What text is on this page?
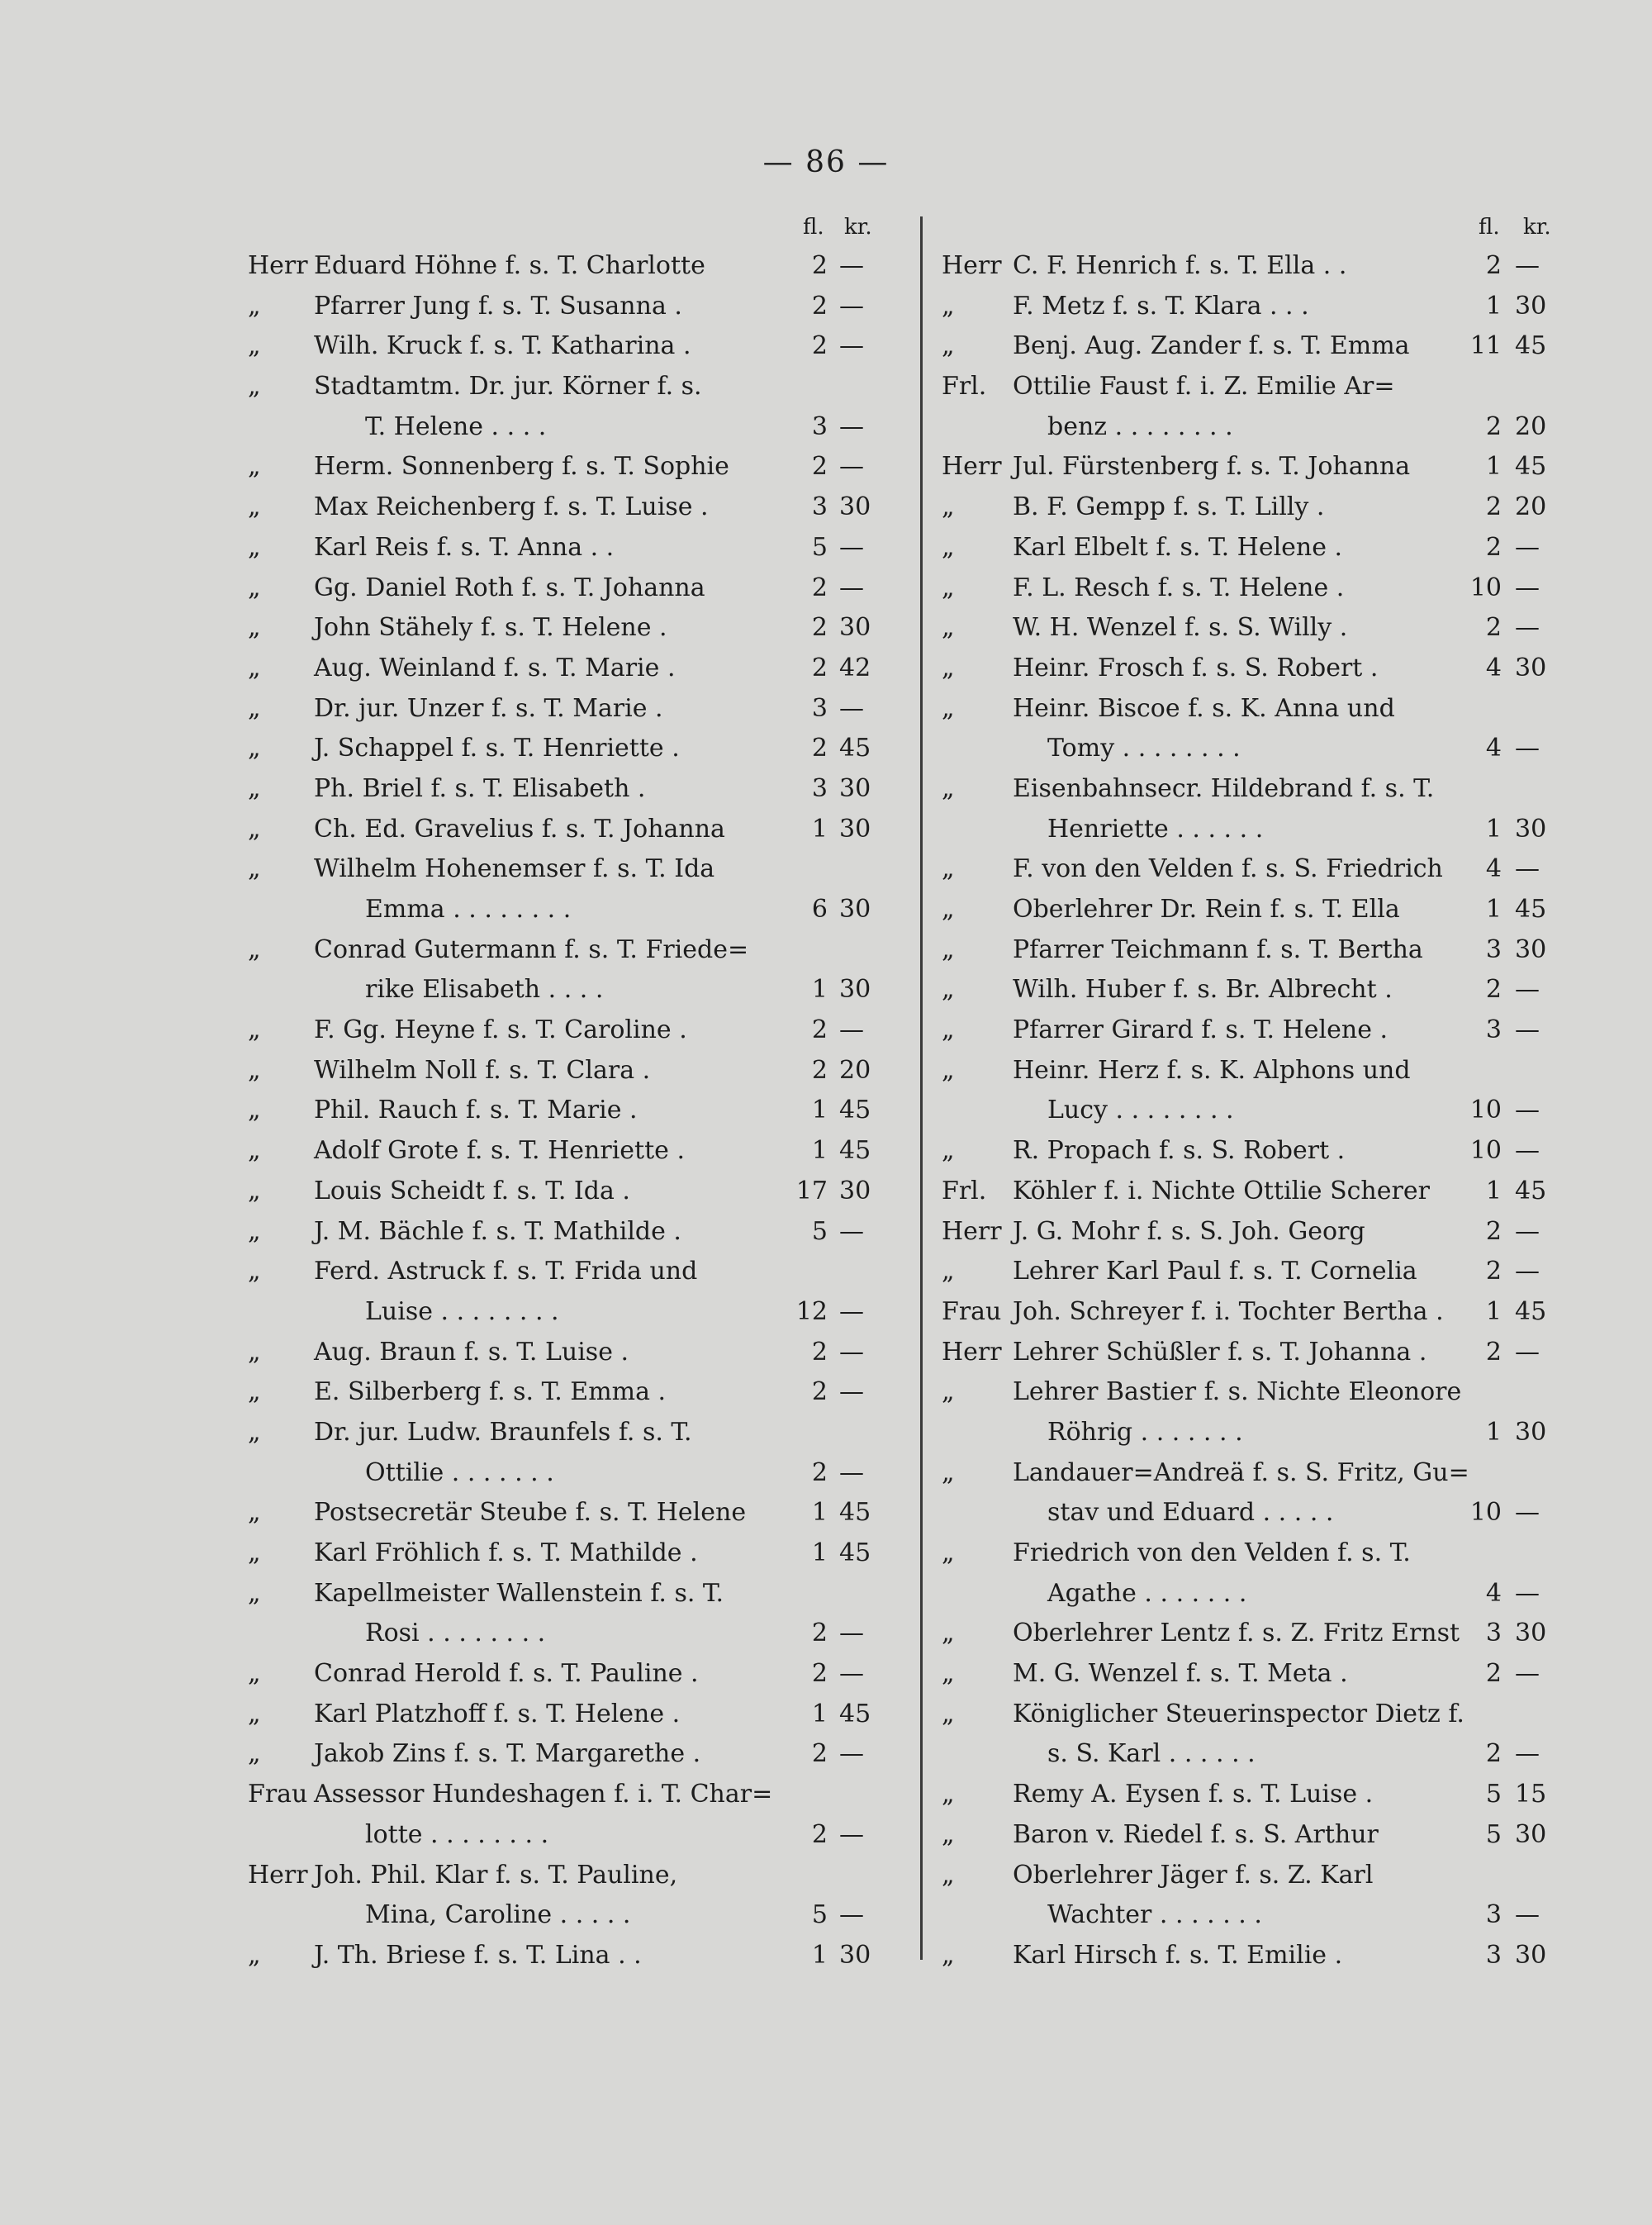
— 86 —
fl. kr.
Herr Eduard Höhne f. s. T. Charlotte	2 —
„ Pfarrer Jung f. s. T. Susanna .	2 —
„ Wilh. Kruck f. s. T. Katharina .	2 —
„ Stadtamtm. Dr. jur. Körner f. s.
T. Helene . . . .	3 —
„ Herm. Sonnenberg f. s. T. Sophie	2 —
„ Max Reichenberg f. s. T. Luise .	3 30
„ Karl Reis f. s. T. Anna . .	5 —
„ Gg. Daniel Roth f. s. T. Johanna	2 —
„ John Stähely f. s. T. Helene .	2 30
„ Aug. Weinland f. s. T. Marie .	2 42
„ Dr. jur. Unzer f. s. T. Marie .	3 —
„ J. Schappel f. s. T. Henriette .	2 45
„ Ph. Briel f. s. T. Elisabeth .	3 30
„ Ch. Ed. Gravelius f. s. T. Johanna	1 30
„ Wilhelm Hohenemser f. s. T. Ida
Emma . . . . . . . .	6 30
„ Conrad Gutermann f. s. T. Friede=
rike Elisabeth . . . .	1 30
„ F. Gg. Heyne f. s. T. Caroline .	2 —
„ Wilhelm Noll f. s. T. Clara .	2 20
„ Phil. Rauch f. s. T. Marie .	1 45
„ Adolf Grote f. s. T. Henriette .	1 45
„ Louis Scheidt f. s. T. Ida .	17 30
„ J. M. Bächle f. s. T. Mathilde .	5 —
„ Ferd. Astruck f. s. T. Frida und
Luise . . . . . . . .	12 —
„ Aug. Braun f. s. T. Luise .	2 —
„ E. Silberberg f. s. T. Emma .	2 —
„ Dr. jur. Ludw. Braunfels f. s. T.
Ottilie . . . . . . .	2 —
„ Postsecretär Steube f. s. T. Helene	1 45
„ Karl Fröhlich f. s. T. Mathilde .	1 45
„ Kapellmeister Wallenstein f. s. T.
Rosi . . . . . . . .	2 —
„ Conrad Herold f. s. T. Pauline .	2 —
„ Karl Platzhoff f. s. T. Helene .	1 45
„ Jakob Zins f. s. T. Margarethe .	2 —
Frau Assessor Hundeshagen f. i. T. Char=
lotte . . . . . . . .	2 —
Herr Joh. Phil. Klar f. s. T. Pauline,
Mina, Caroline . . . . .	5 —
„ J. Th. Briese f. s. T. Lina . .	1 30
fl. kr.
Herr C. F. Henrich f. s. T. Ella . .	2 —
„ F. Metz f. s. T. Klara . . .	1 30
„ Benj. Aug. Zander f. s. T. Emma	11 45
Frl. Ottilie Faust f. i. Z. Emilie Ar=
benz . . . . . . . .	2 20
Herr Jul. Fürstenberg f. s. T. Johanna	1 45
„ B. F. Gempp f. s. T. Lilly .	2 20
„ Karl Elbelt f. s. T. Helene .	2 —
„ F. L. Resch f. s. T. Helene .	10 —
„ W. H. Wenzel f. s. S. Willy .	2 —
„ Heinr. Frosch f. s. S. Robert .	4 30
„ Heinr. Biscoe f. s. K. Anna und
Tomy . . . . . . . .	4 —
„ Eisenbahnsecr. Hildebrand f. s. T.
Henriette . . . . . .	1 30
„ F. von den Velden f. s. S. Friedrich	4 —
„ Oberlehrer Dr. Rein f. s. T. Ella	1 45
„ Pfarrer Teichmann f. s. T. Bertha	3 30
„ Wilh. Huber f. s. Br. Albrecht .	2 —
„ Pfarrer Girard f. s. T. Helene .	3 —
„ Heinr. Herz f. s. K. Alphons und
Lucy . . . . . . . .	10 —
„ R. Propach f. s. S. Robert .	10 —
Frl. Köhler f. i. Nichte Ottilie Scherer	1 45
Herr J. G. Mohr f. s. S. Joh. Georg	2 —
„ Lehrer Karl Paul f. s. T. Cornelia	2 —
Frau Joh. Schreyer f. i. Tochter Bertha .	1 45
Herr Lehrer Schüßler f. s. T. Johanna .	2 —
„ Lehrer Bastier f. s. Nichte Eleonore
Röhrig . . . . . . .	1 30
„ Landauer=Andreä f. s. S. Fritz, Gu=
stav und Eduard . . . . .	10 —
„ Friedrich von den Velden f. s. T.
Agathe . . . . . . .	4 —
„ Oberlehrer Lentz f. s. Z. Fritz Ernst	3 30
„ M. G. Wenzel f. s. T. Meta .	2 —
„ Königlicher Steuerinspector Dietz f.
s. S. Karl . . . . . .	2 —
„ Remy A. Eysen f. s. T. Luise .	5 15
„ Baron v. Riedel f. s. S. Arthur	5 30
„ Oberlehrer Jäger f. s. Z. Karl
Wachter . . . . . . .	3 —
„ Karl Hirsch f. s. T. Emilie .	3 30
